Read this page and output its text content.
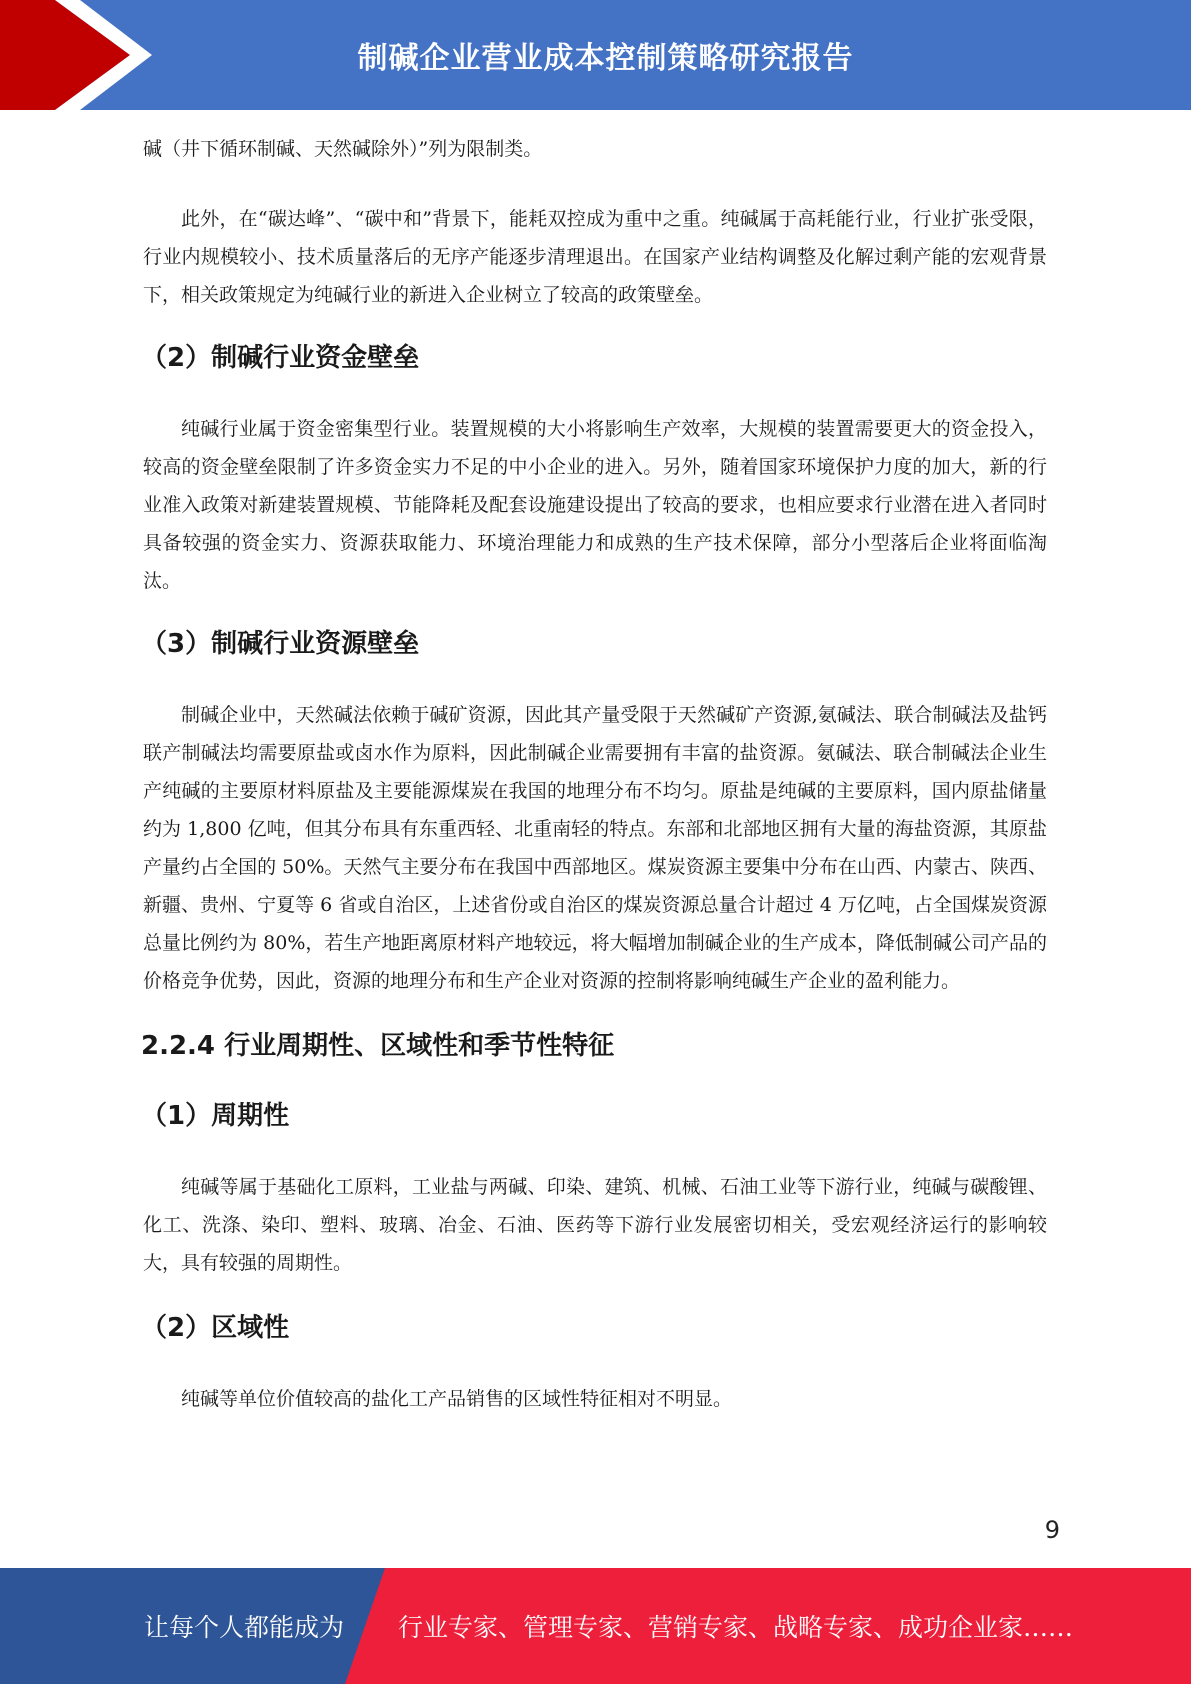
制碱企业营业成本控制策略研究报告

碱（井下循环制碱、天然碱除外）”列为限制类。

此外，在“碳达峰”、“碳中和”背景下，能耗双控成为重中之重。纯碱属于高耗能行业，行业扩张受限，行业内规模较小、技术质量落后的无序产能逐步清理退出。在国家产业结构调整及化解过剩产能的宏观背景下，相关政策规定为纯碱行业的新进入企业树立了较高的政策壁垒。

（2）制碱行业资金壁垒

纯碱行业属于资金密集型行业。装置规模的大小将影响生产效率，大规模的装置需要更大的资金投入，较高的资金壁垒限制了许多资金实力不足的中小企业的进入。另外，随着国家环境保护力度的加大，新的行业准入政策对新建装置规模、节能降耗及配套设施建设提出了较高的要求，也相应要求行业潜在进入者同时具备较强的资金实力、资源获取能力、环境治理能力和成熟的生产技术保障，部分小型落后企业将面临淘汰。

（3）制碱行业资源壁垒

制碱企业中，天然碱法依赖于碱矿资源，因此其产量受限于天然碱矿产资源,氨碱法、联合制碱法及盐钙联产制碱法均需要原盐或卤水作为原料，因此制碱企业需要拥有丰富的盐资源。氨碱法、联合制碱法企业生产纯碱的主要原材料原盐及主要能源煤炭在我国的地理分布不均匀。原盐是纯碱的主要原料，国内原盐储量约为 1,800 亿吨，但其分布具有东重西轻、北重南轻的特点。东部和北部地区拥有大量的海盐资源，其原盐产量约占全国的 50%。天然气主要分布在我国中西部地区。煤炭资源主要集中分布在山西、内蒙古、陕西、新疆、贵州、宁夏等 6 省或自治区，上述省份或自治区的煤炭资源总量合计超过 4 万亿吨，占全国煤炭资源总量比例约为 80%，若生产地距离原材料产地较远，将大幅增加制碱企业的生产成本，降低制碱公司产品的价格竞争优势，因此，资源的地理分布和生产企业对资源的控制将影响纯碱生产企业的盈利能力。

2.2.4 行业周期性、区域性和季节性特征
（1）周期性

纯碱等属于基础化工原料，工业盐与两碱、印染、建筑、机械、石油工业等下游行业，纯碱与碳酸锂、化工、洗涤、染印、塑料、玻璃、冶金、石油、医药等下游行业发展密切相关，受宏观经济运行的影响较大，具有较强的周期性。

（2）区域性

纯碱等单位价值较高的盐化工产品销售的区域性特征相对不明显。

9
让每个人都能成为 行业专家、管理专家、营销专家、战略专家、成功企业家……
